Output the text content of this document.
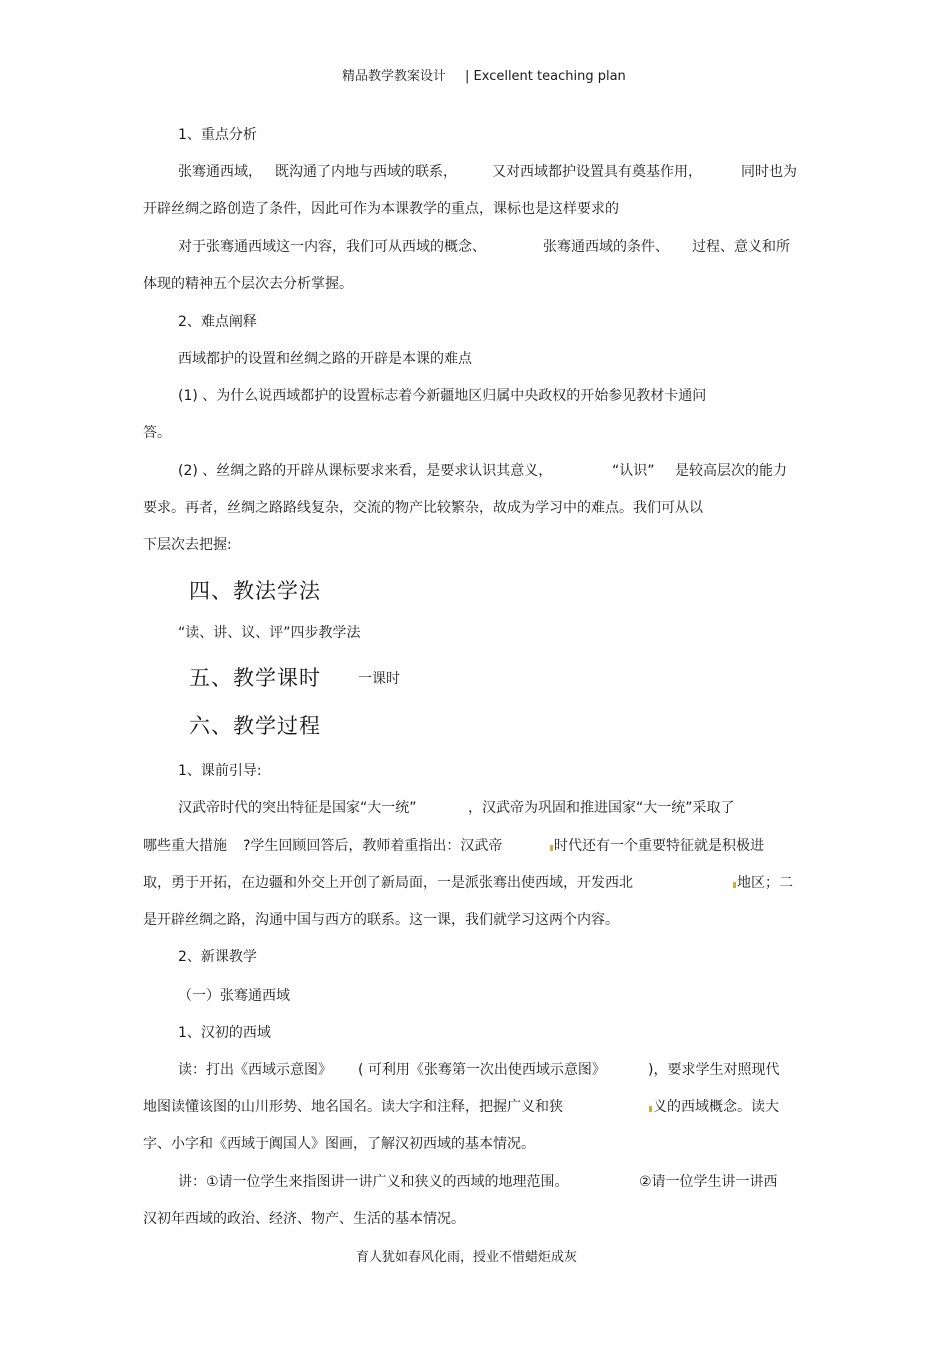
精品教学教案设计 | Excellent teaching plan
1、重点分析
张骞通西域， 既沟通了内地与西域的联系，	又对西域都护设置具有奠基作用，	同时也为
开辟丝绸之路创造了条件，因此可作为本课教学的重点，课标也是这样要求的
对于张骞通西域这一内容，我们可从西域的概念、	张骞通西域的条件、 过程、意义和所
体现的精神五个层次去分析掌握。
2、难点阐释
西域都护的设置和丝绸之路的开辟是本课的难点
(1) 、为什么说西域都护的设置标志着今新疆地区归属中央政权的开始参见教材卡通问
答。
(2) 、丝绸之路的开辟从课标要求来看，是要求认识其意义，	“认识” 是较高层次的能力
要求。再者，丝绸之路路线复杂，交流的物产比较繁杂，故成为学习中的难点。我们可从以
下层次去把握:
四、教法学法
“读、讲、议、评”四步教学法
五、教学课时	一课时
六、教学过程
1、课前引导:
汉武帝时代的突出特征是国家“大一统”	，汉武帝为巩固和推进国家“大一统”采取了
哪些重大措施 ?学生回顾回答后，教师着重指出：汉武帝	时代还有一个重要特征就是积极进
取，勇于开拓，在边疆和外交上开创了新局面，一是派张骞出使西域，开发西北	地区；二
是开辟丝绸之路，沟通中国与西方的联系。这一课，我们就学习这两个内容。
2、新课教学
（一）张骞通西域
1、汉初的西域
读：打出《西域示意图》 ( 可利用《张骞第一次出使西域示意图》	)，要求学生对照现代
地图读懂该图的山川形势、地名国名。读大字和注释，把握广义和狭	义的西域概念。读大
字、小字和《西域于阗国人》图画，了解汉初西域的基本情况。
讲：①请一位学生来指图讲一讲广义和狭义的西域的地理范围。	②请一位学生讲一讲西
汉初年西域的政治、经济、物产、生活的基本情况。
育人犹如春风化雨，授业不惜蜡炬成灰
